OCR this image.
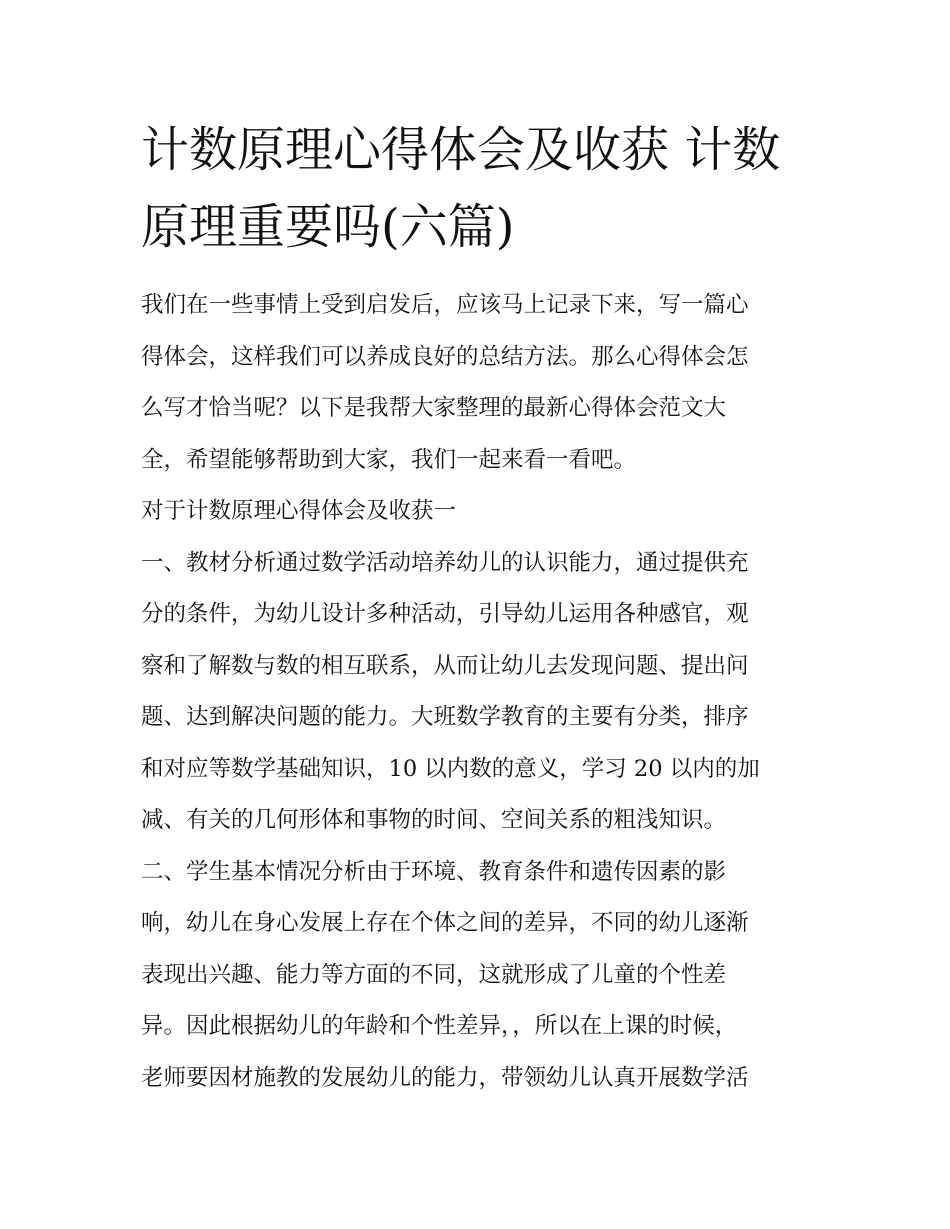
计数原理心得体会及收获 计数
原理重要吗(六篇)

我们在一些事情上受到启发后，应该马上记录下来，写一篇心

得体会，这样我们可以养成良好的总结方法。那么心得体会怎

么写才恰当呢？以下是我帮大家整理的最新心得体会范文大

全，希望能够帮助到大家，我们一起来看一看吧。

对于计数原理心得体会及收获一

一、教材分析通过数学活动培养幼儿的认识能力，通过提供充

分的条件，为幼儿设计多种活动，引导幼儿运用各种感官，观

察和了解数与数的相互联系，从而让幼儿去发现问题、提出问

题、达到解决问题的能力。大班数学教育的主要有分类，排序

和对应等数学基础知识，10 以内数的意义，学习 20 以内的加

减、有关的几何形体和事物的时间、空间关系的粗浅知识。

二、学生基本情况分析由于环境、教育条件和遗传因素的影

响，幼儿在身心发展上存在个体之间的差异，不同的幼儿逐渐

表现出兴趣、能力等方面的不同，这就形成了儿童的个性差

异。因此根据幼儿的年龄和个性差异，，所以在上课的时候，

老师要因材施教的发展幼儿的能力，带领幼儿认真开展数学活
